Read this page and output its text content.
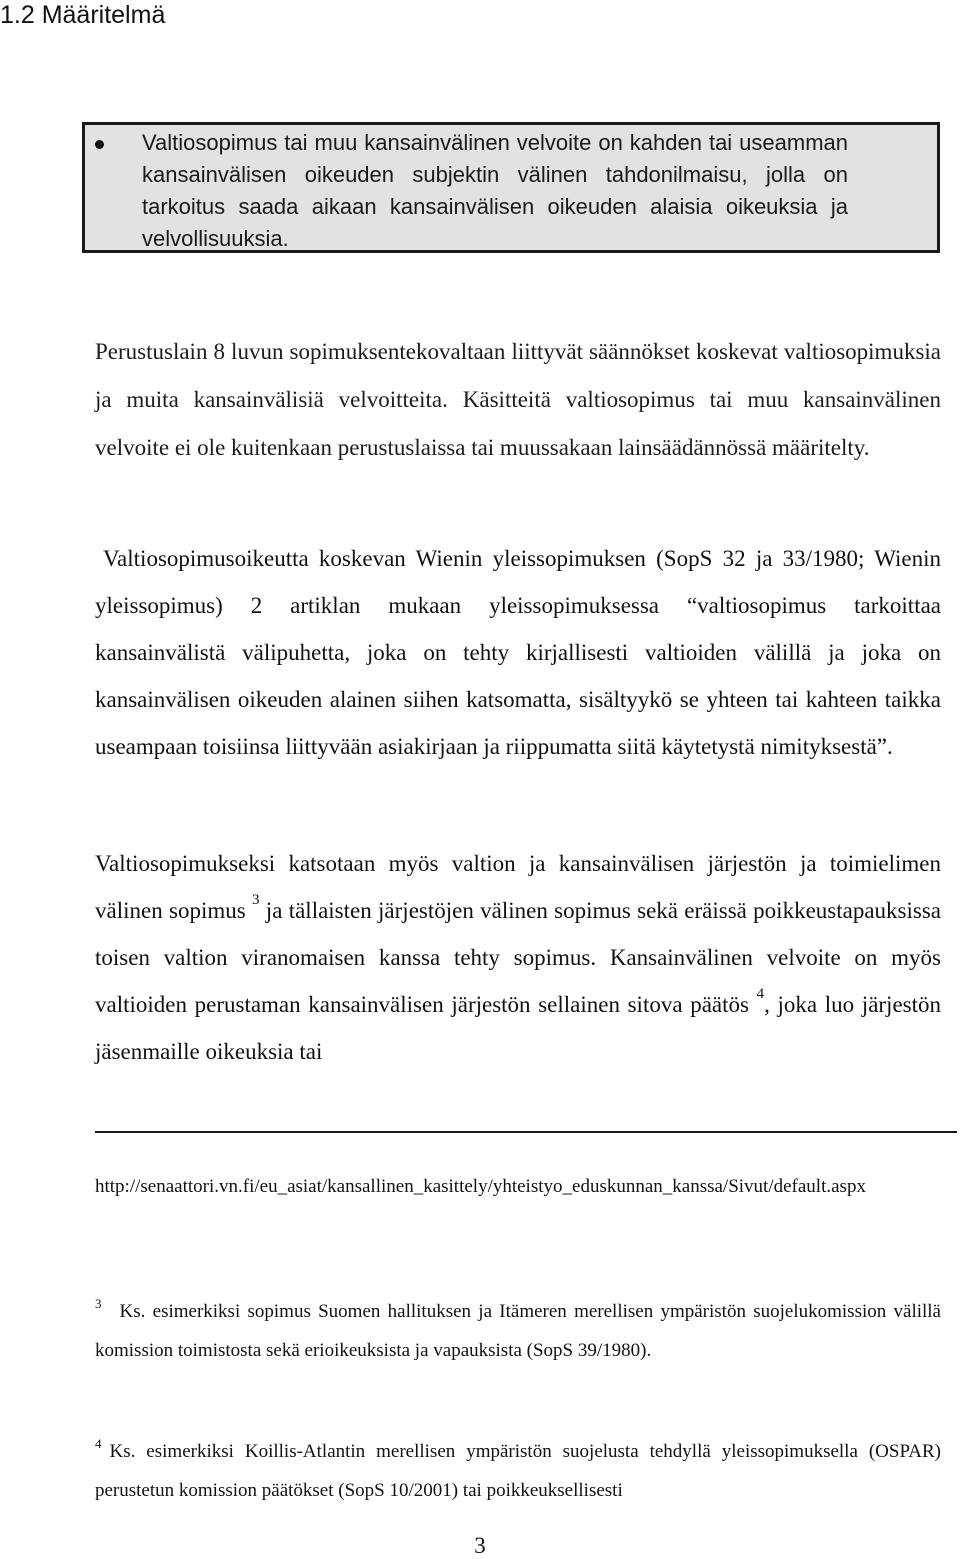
1.2 Määritelmä
Valtiosopimus tai muu kansainvälinen velvoite on kahden tai useamman kansainvälisen oikeuden subjektin välinen tahdonilmaisu, jolla on tarkoitus saada aikaan kansainvälisen oikeuden alaisia oikeuksia ja velvollisuuksia.
Perustuslain 8 luvun sopimuksentekovaltaan liittyvät säännökset koskevat valtiosopimuksia ja muita kansainvälisiä velvoitteita. Käsitteitä valtiosopimus tai muu kansainvälinen velvoite ei ole kuitenkaan perustuslaissa tai muussakaan lainsäädännössä määritelty.
Valtiosopimusoikeutta koskevan Wienin yleissopimuksen (SopS 32 ja 33/1980; Wienin yleissopimus) 2 artiklan mukaan yleissopimuksessa “valtiosopimus tarkoittaa kansainvälistä välipuhetta, joka on tehty kirjallisesti valtioiden välillä ja joka on kansainvälisen oikeuden alainen siihen katsomatta, sisältyykö se yhteen tai kahteen taikka useampaan toisiinsa liittyvään asiakirjaan ja riippumatta siitä käytetystä nimityksestä”.
Valtiosopimukseksi katsotaan myös valtion ja kansainvälisen järjestön ja toimielimen välinen sopimus $^3$ ja tällaisten järjestöjen välinen sopimus sekä eräissä poikkeustapauksissa toisen valtion viranomaisen kanssa tehty sopimus. Kansainvälinen velvoite on myös valtioiden perustaman kansainvälisen järjestön sellainen sitova päätös $^4$, joka luo järjestön jäsenmaille oikeuksia tai
http://senaattori.vn.fi/eu_asiat/kansallinen_kasittely/yhteistyo_eduskunnan_kanssa/Sivut/default.aspx
$^3$ Ks. esimerkiksi sopimus Suomen hallituksen ja Itämeren merellisen ympäristön suojelukomission välillä komission toimistosta sekä erioikeuksista ja vapauksista (SopS 39/1980).
$^4$ Ks. esimerkiksi Koillis-Atlantin merellisen ympäristön suojelusta tehdyllä yleissopimuksella (OSPAR) perustetun komission päätökset (SopS 10/2001) tai poikkeuksellisesti
3
